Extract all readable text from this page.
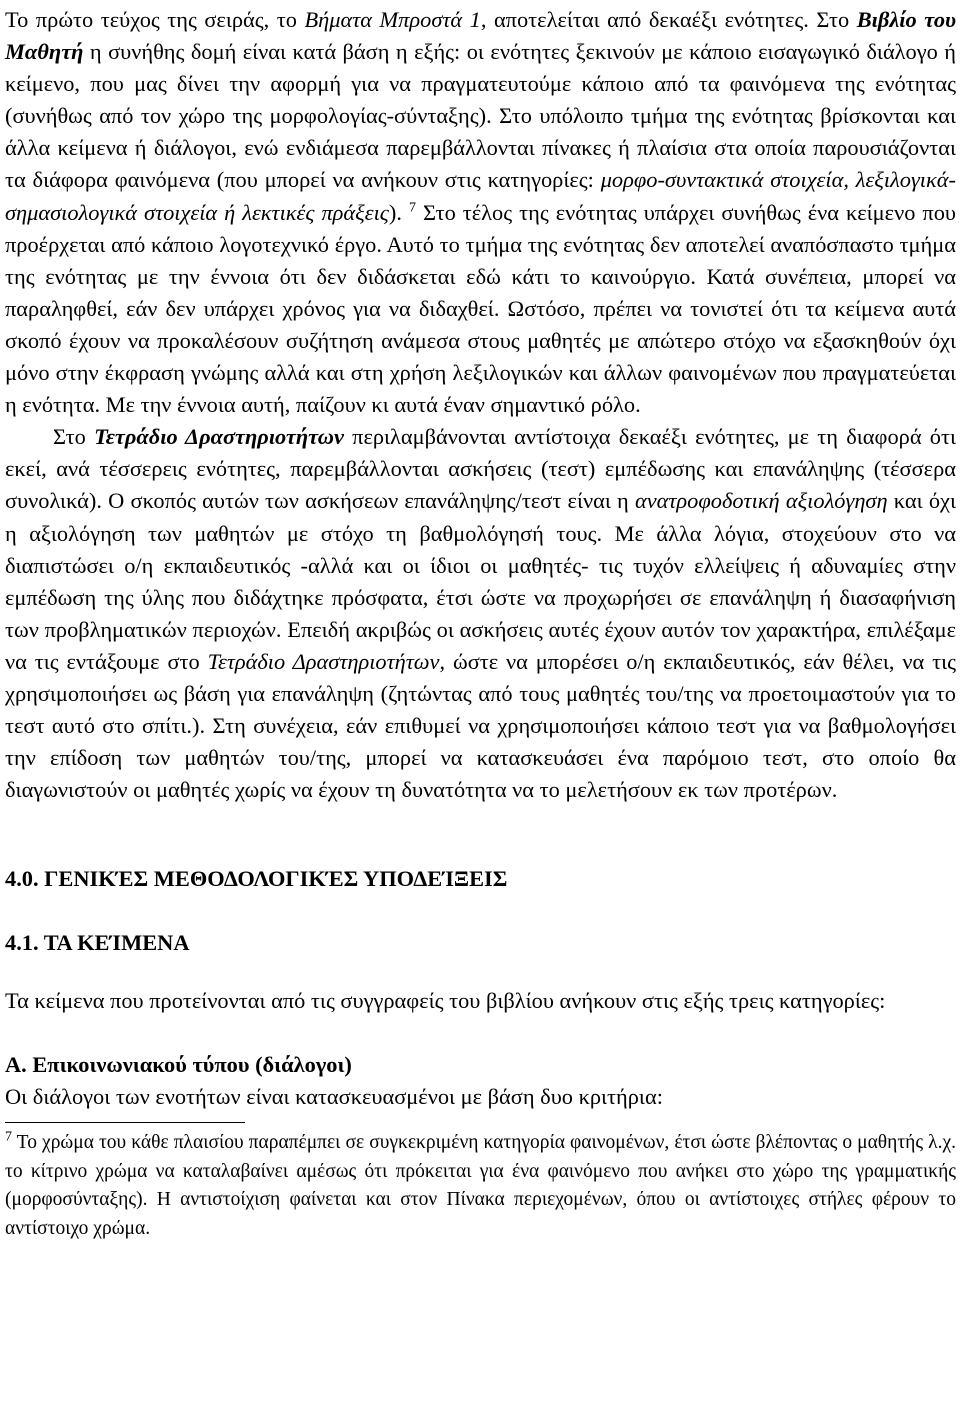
Το πρώτο τεύχος της σειράς, το Βήματα Μπροστά 1, αποτελείται από δεκαέξι ενότητες. Στο Βιβλίο του Μαθητή η συνήθης δομή είναι κατά βάση η εξής: οι ενότητες ξεκινούν με κάποιο εισαγωγικό διάλογο ή κείμενο, που μας δίνει την αφορμή για να πραγματευτούμε κάποιο από τα φαινόμενα της ενότητας (συνήθως από τον χώρο της μορφολογίας-σύνταξης). Στο υπόλοιπο τμήμα της ενότητας βρίσκονται και άλλα κείμενα ή διάλογοι, ενώ ενδιάμεσα παρεμβάλλονται πίνακες ή πλαίσια στα οποία παρουσιάζονται τα διάφορα φαινόμενα (που μπορεί να ανήκουν στις κατηγορίες: μορφο-συντακτικά στοιχεία, λεξιλογικά-σημασιολογικά στοιχεία ή λεκτικές πράξεις). $^7$ Στο τέλος της ενότητας υπάρχει συνήθως ένα κείμενο που προέρχεται από κάποιο λογοτεχνικό έργο. Αυτό το τμήμα της ενότητας δεν αποτελεί αναπόσπαστο τμήμα της ενότητας με την έννοια ότι δεν διδάσκεται εδώ κάτι το καινούργιο. Κατά συνέπεια, μπορεί να παραληφθεί, εάν δεν υπάρχει χρόνος για να διδαχθεί. Ωστόσο, πρέπει να τονιστεί ότι τα κείμενα αυτά σκοπό έχουν να προκαλέσουν συζήτηση ανάμεσα στους μαθητές με απώτερο στόχο να εξασκηθούν όχι μόνο στην έκφραση γνώμης αλλά και στη χρήση λεξιλογικών και άλλων φαινομένων που πραγματεύεται η ενότητα. Με την έννοια αυτή, παίζουν κι αυτά έναν σημαντικό ρόλο.

Στο Τετράδιο Δραστηριοτήτων περιλαμβάνονται αντίστοιχα δεκαέξι ενότητες, με τη διαφορά ότι εκεί, ανά τέσσερεις ενότητες, παρεμβάλλονται ασκήσεις (τεστ) εμπέδωσης και επανάληψης (τέσσερα συνολικά). Ο σκοπός αυτών των ασκήσεων επανάληψης/τεστ είναι η ανατροφοδοτική αξιολόγηση και όχι η αξιολόγηση των μαθητών με στόχο τη βαθμολόγησή τους. Με άλλα λόγια, στοχεύουν στο να διαπιστώσει ο/η εκπαιδευτικός -αλλά και οι ίδιοι οι μαθητές- τις τυχόν ελλείψεις ή αδυναμίες στην εμπέδωση της ύλης που διδάχτηκε πρόσφατα, έτσι ώστε να προχωρήσει σε επανάληψη ή διασαφήνιση των προβληματικών περιοχών. Επειδή ακριβώς οι ασκήσεις αυτές έχουν αυτόν τον χαρακτήρα, επιλέξαμε να τις εντάξουμε στο Τετράδιο Δραστηριοτήτων, ώστε να μπορέσει ο/η εκπαιδευτικός, εάν θέλει, να τις χρησιμοποιήσει ως βάση για επανάληψη (ζητώντας από τους μαθητές του/της να προετοιμαστούν για το τεστ αυτό στο σπίτι.). Στη συνέχεια, εάν επιθυμεί να χρησιμοποιήσει κάποιο τεστ για να βαθμολογήσει την επίδοση των μαθητών του/της, μπορεί να κατασκευάσει ένα παρόμοιο τεστ, στο οποίο θα διαγωνιστούν οι μαθητές χωρίς να έχουν τη δυνατότητα να το μελετήσουν εκ των προτέρων.

4.0. ΓΕΝΙΚΈΣ ΜΕΘΟΔΟΛΟΓΙΚΈΣ ΥΠΟΔΕΊΞΕΙΣ

4.1. ΤΑ ΚΕΊΜΕΝΑ

Τα κείμενα που προτείνονται από τις συγγραφείς του βιβλίου ανήκουν στις εξής τρεις κατηγορίες:

Α. Επικοινωνιακού τύπου (διάλογοι)

Οι διάλογοι των ενοτήτων είναι κατασκευασμένοι με βάση δυο κριτήρια:

$^7$ Το χρώμα του κάθε πλαισίου παραπέμπει σε συγκεκριμένη κατηγορία φαινομένων, έτσι ώστε βλέποντας ο μαθητής λ.χ. το κίτρινο χρώμα να καταλαβαίνει αμέσως ότι πρόκειται για ένα φαινόμενο που ανήκει στο χώρο της γραμματικής (μορφοσύνταξης). Η αντιστοίχιση φαίνεται και στον Πίνακα περιεχομένων, όπου οι αντίστοιχες στήλες φέρουν το αντίστοιχο χρώμα.
